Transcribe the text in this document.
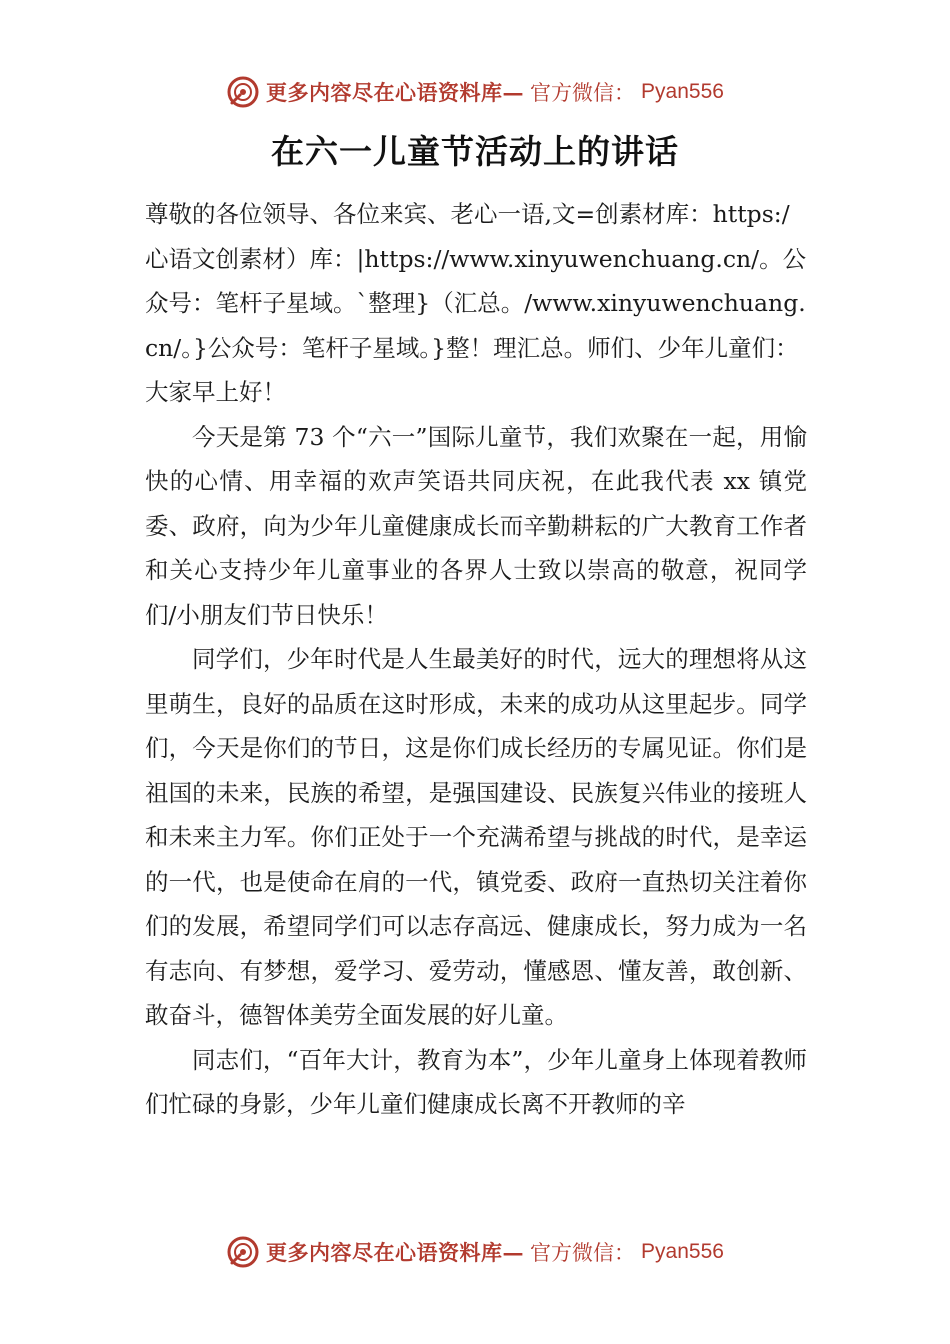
更多内容尽在心语资料库— 官方微信： Pyan556
在六一儿童节活动上的讲话

尊敬的各位领导、各位来宾、老心一语,文=创素材库：https:/心语文创素材）库：|https://www.xinyuwenchuang.cn/。公众号：笔杆子星域。`整理}（汇总。/www.xinyuwenchuang.cn/。}公众号：笔杆子星域。}整！理汇总。师们、少年儿童们： 大家早上好！

今天是第 73 个“六一”国际儿童节，我们欢聚在一起，用愉快的心情、用幸福的欢声笑语共同庆祝，在此我代表 xx 镇党委、政府，向为少年儿童健康成长而辛勤耕耘的广大教育工作者和关心支持少年儿童事业的各界人士致以崇高的敬意，祝同学们/小朋友们节日快乐！

同学们，少年时代是人生最美好的时代，远大的理想将从这里萌生，良好的品质在这时形成，未来的成功从这里起步。同学们，今天是你们的节日，这是你们成长经历的专属见证。你们是祖国的未来，民族的希望，是强国建设、民族复兴伟业的接班人和未来主力军。你们正处于一个充满希望与挑战的时代，是幸运的一代，也是使命在肩的一代，镇党委、政府一直热切关注着你们的发展，希望同学们可以志存高远、健康成长，努力成为一名有志向、有梦想，爱学习、爱劳动，懂感恩、懂友善，敢创新、敢奋斗，德智体美劳全面发展的好儿童。

同志们，“百年大计，教育为本”，少年儿童身上体现着教师们忙碌的身影，少年儿童们健康成长离不开教师的辛

更多内容尽在心语资料库— 官方微信： Pyan556
